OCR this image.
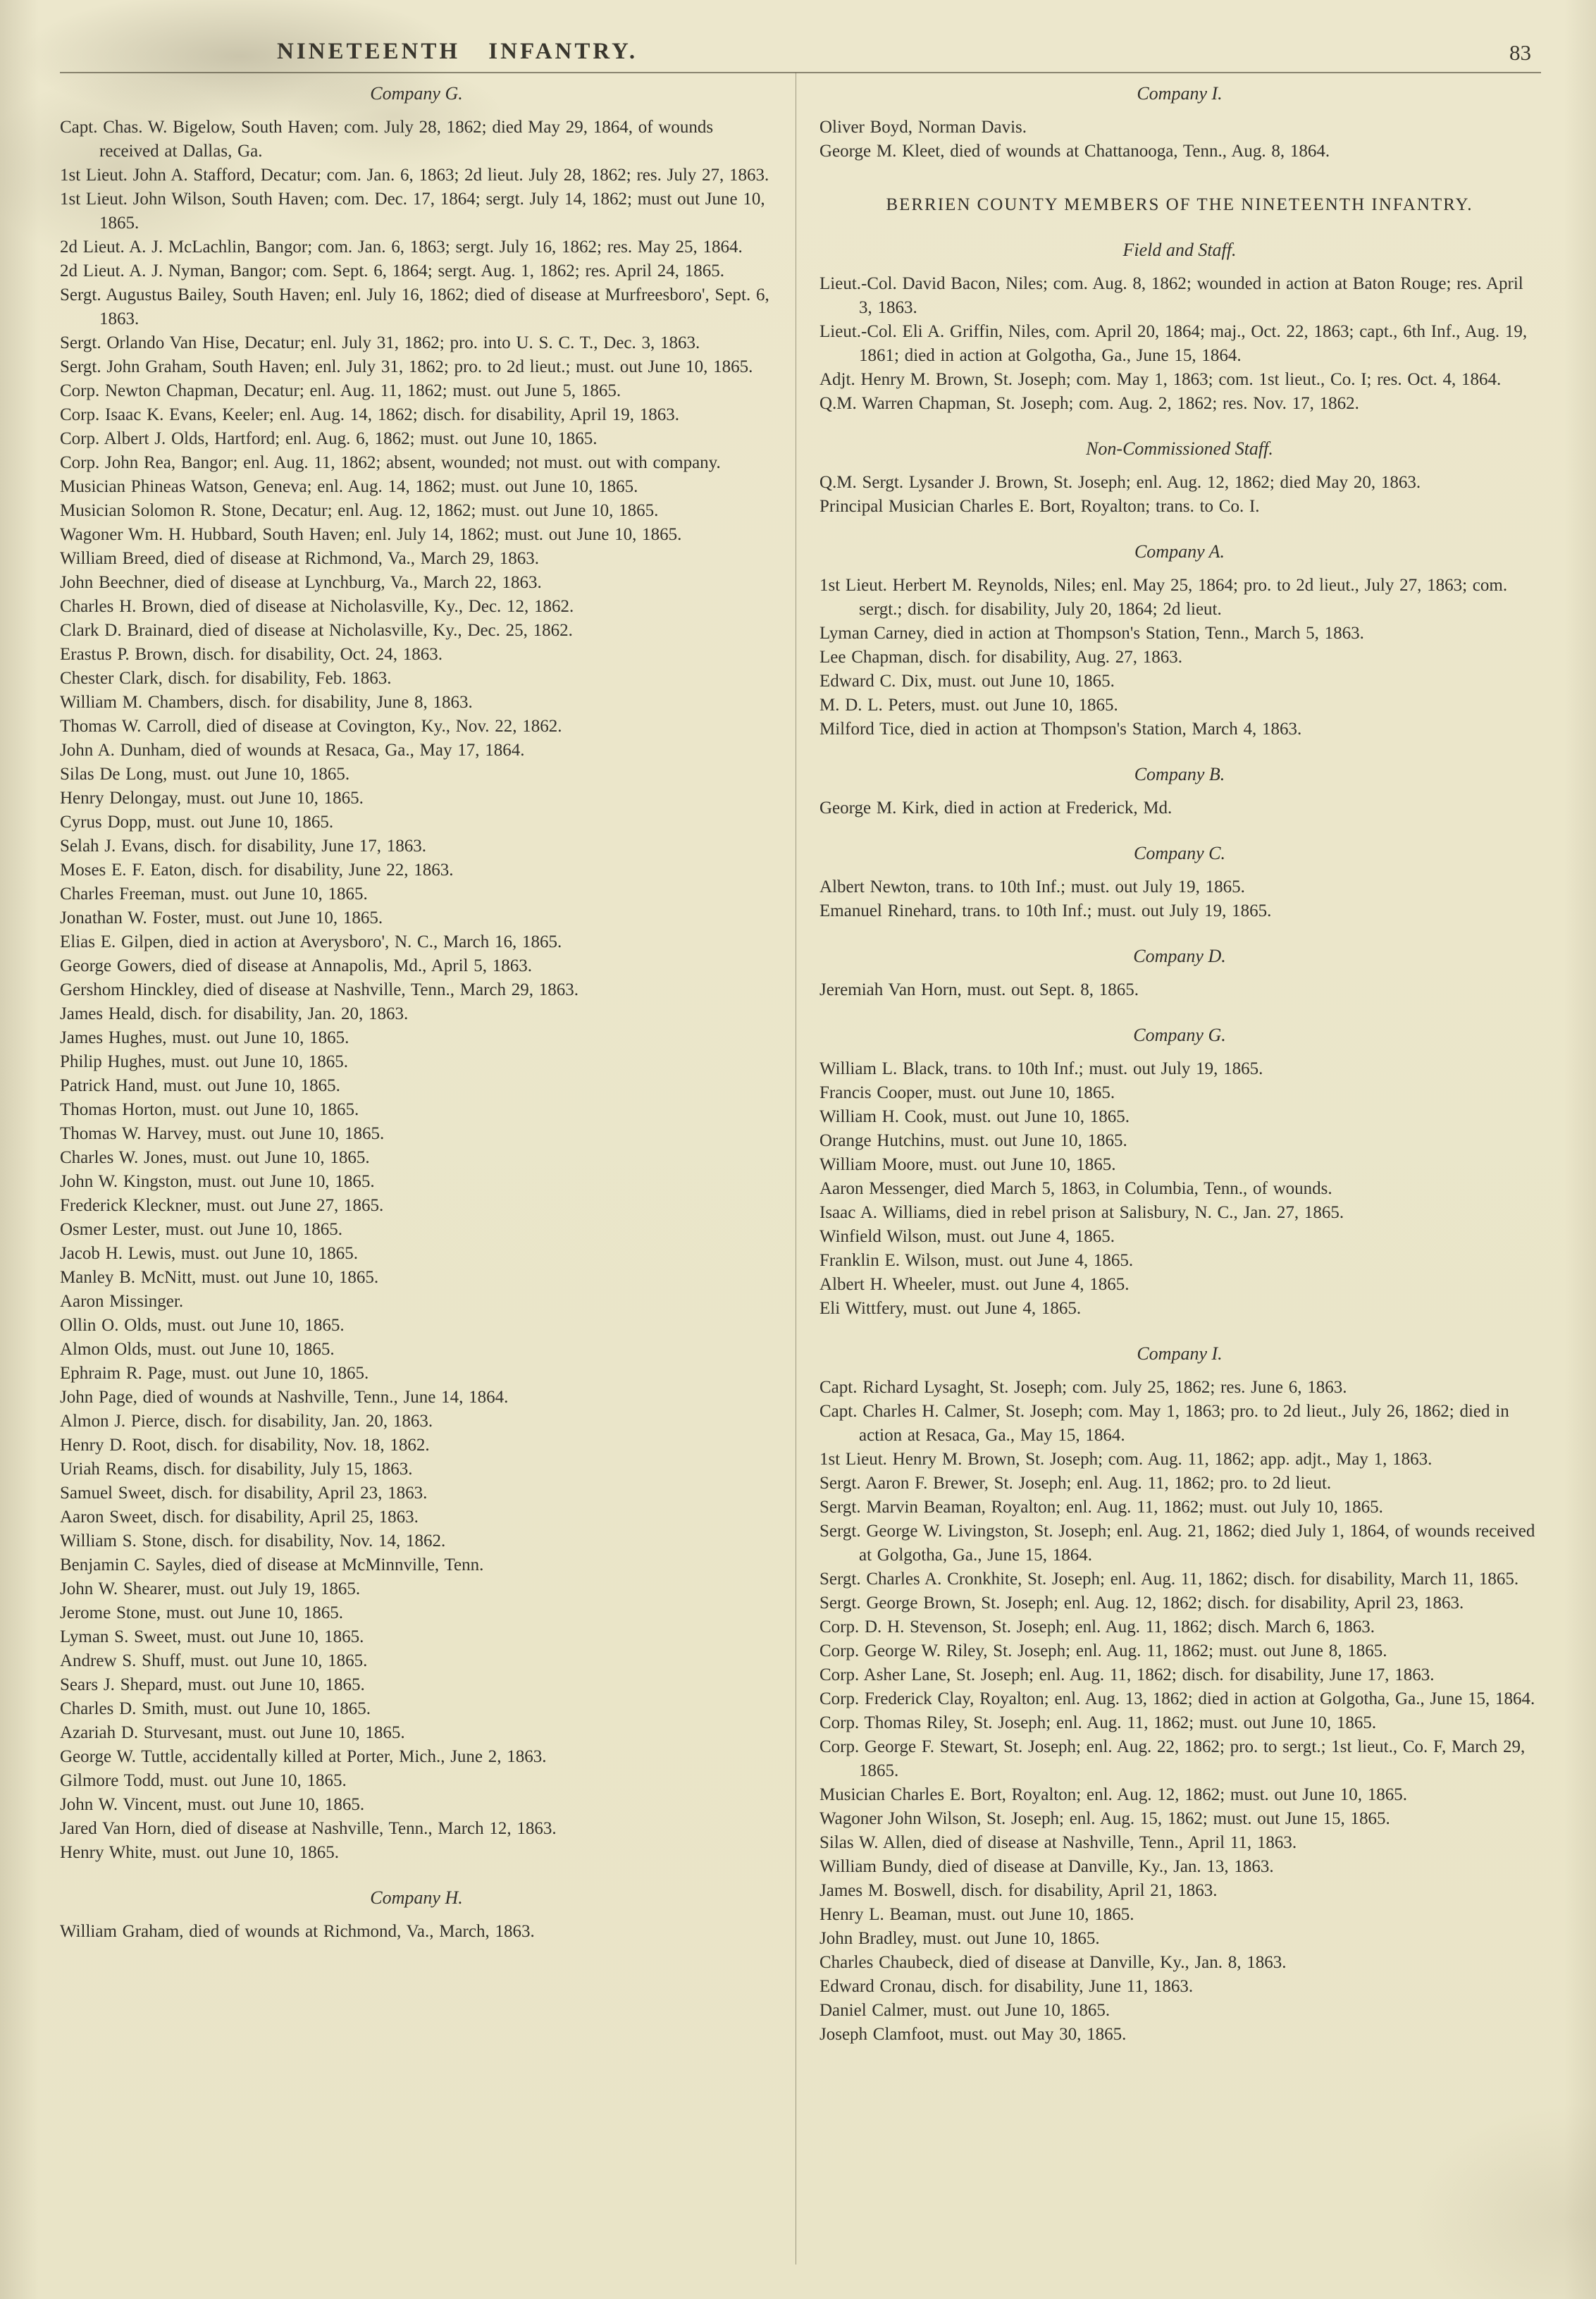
NINETEENTH INFANTRY.	83
Company G.

Capt. Chas. W. Bigelow, South Haven; com. July 28, 1862; died May 29, 1864, of wounds received at Dallas, Ga.

1st Lieut. John A. Stafford, Decatur; com. Jan. 6, 1863; 2d lieut. July 28, 1862; res. July 27, 1863.

1st Lieut. John Wilson, South Haven; com. Dec. 17, 1864; sergt. July 14, 1862; must out June 10, 1865.

2d Lieut. A. J. McLachlin, Bangor; com. Jan. 6, 1863; sergt. July 16, 1862; res. May 25, 1864.

2d Lieut. A. J. Nyman, Bangor; com. Sept. 6, 1864; sergt. Aug. 1, 1862; res. April 24, 1865.

Sergt. Augustus Bailey, South Haven; enl. July 16, 1862; died of disease at Murfreesboro', Sept. 6, 1863.

Sergt. Orlando Van Hise, Decatur; enl. July 31, 1862; pro. into U. S. C. T., Dec. 3, 1863.

Sergt. John Graham, South Haven; enl. July 31, 1862; pro. to 2d lieut.; must. out June 10, 1865.

Corp. Newton Chapman, Decatur; enl. Aug. 11, 1862; must. out June 5, 1865.

Corp. Isaac K. Evans, Keeler; enl. Aug. 14, 1862; disch. for disability, April 19, 1863.

Corp. Albert J. Olds, Hartford; enl. Aug. 6, 1862; must. out June 10, 1865.

Corp. John Rea, Bangor; enl. Aug. 11, 1862; absent, wounded; not must. out with company.

Musician Phineas Watson, Geneva; enl. Aug. 14, 1862; must. out June 10, 1865.

Musician Solomon R. Stone, Decatur; enl. Aug. 12, 1862; must. out June 10, 1865.

Wagoner Wm. H. Hubbard, South Haven; enl. July 14, 1862; must. out June 10, 1865.

William Breed, died of disease at Richmond, Va., March 29, 1863.

John Beechner, died of disease at Lynchburg, Va., March 22, 1863.

Charles H. Brown, died of disease at Nicholasville, Ky., Dec. 12, 1862.

Clark D. Brainard, died of disease at Nicholasville, Ky., Dec. 25, 1862.

Erastus P. Brown, disch. for disability, Oct. 24, 1863.

Chester Clark, disch. for disability, Feb. 1863.

William M. Chambers, disch. for disability, June 8, 1863.

Thomas W. Carroll, died of disease at Covington, Ky., Nov. 22, 1862.

John A. Dunham, died of wounds at Resaca, Ga., May 17, 1864.

Silas De Long, must. out June 10, 1865.

Henry Delongay, must. out June 10, 1865.

Cyrus Dopp, must. out June 10, 1865.

Selah J. Evans, disch. for disability, June 17, 1863.

Moses E. F. Eaton, disch. for disability, June 22, 1863.

Charles Freeman, must. out June 10, 1865.

Jonathan W. Foster, must. out June 10, 1865.

Elias E. Gilpen, died in action at Averysboro', N. C., March 16, 1865.

George Gowers, died of disease at Annapolis, Md., April 5, 1863.

Gershom Hinckley, died of disease at Nashville, Tenn., March 29, 1863.

James Heald, disch. for disability, Jan. 20, 1863.

James Hughes, must. out June 10, 1865.

Philip Hughes, must. out June 10, 1865.

Patrick Hand, must. out June 10, 1865.

Thomas Horton, must. out June 10, 1865.

Thomas W. Harvey, must. out June 10, 1865.

Charles W. Jones, must. out June 10, 1865.

John W. Kingston, must. out June 10, 1865.

Frederick Kleckner, must. out June 27, 1865.

Osmer Lester, must. out June 10, 1865.

Jacob H. Lewis, must. out June 10, 1865.

Manley B. McNitt, must. out June 10, 1865.

Aaron Missinger.

Ollin O. Olds, must. out June 10, 1865.

Almon Olds, must. out June 10, 1865.

Ephraim R. Page, must. out June 10, 1865.

John Page, died of wounds at Nashville, Tenn., June 14, 1864.

Almon J. Pierce, disch. for disability, Jan. 20, 1863.

Henry D. Root, disch. for disability, Nov. 18, 1862.

Uriah Reams, disch. for disability, July 15, 1863.

Samuel Sweet, disch. for disability, April 23, 1863.

Aaron Sweet, disch. for disability, April 25, 1863.

William S. Stone, disch. for disability, Nov. 14, 1862.

Benjamin C. Sayles, died of disease at McMinnville, Tenn.

John W. Shearer, must. out July 19, 1865.

Jerome Stone, must. out June 10, 1865.

Lyman S. Sweet, must. out June 10, 1865.

Andrew S. Shuff, must. out June 10, 1865.

Sears J. Shepard, must. out June 10, 1865.

Charles D. Smith, must. out June 10, 1865.

Azariah D. Sturvesant, must. out June 10, 1865.

George W. Tuttle, accidentally killed at Porter, Mich., June 2, 1863.

Gilmore Todd, must. out June 10, 1865.

John W. Vincent, must. out June 10, 1865.

Jared Van Horn, died of disease at Nashville, Tenn., March 12, 1863.

Henry White, must. out June 10, 1865.

Company H.

William Graham, died of wounds at Richmond, Va., March, 1863.

Company I.

Oliver Boyd, Norman Davis.

George M. Kleet, died of wounds at Chattanooga, Tenn., Aug. 8, 1864.

BERRIEN COUNTY MEMBERS OF THE NINETEENTH INFANTRY.
Field and Staff.

Lieut.-Col. David Bacon, Niles; com. Aug. 8, 1862; wounded in action at Baton Rouge; res. April 3, 1863.

Lieut.-Col. Eli A. Griffin, Niles, com. April 20, 1864; maj., Oct. 22, 1863; capt., 6th Inf., Aug. 19, 1861; died in action at Golgotha, Ga., June 15, 1864.

Adjt. Henry M. Brown, St. Joseph; com. May 1, 1863; com. 1st lieut., Co. I; res. Oct. 4, 1864.

Q.M. Warren Chapman, St. Joseph; com. Aug. 2, 1862; res. Nov. 17, 1862.

Non-Commissioned Staff.

Q.M. Sergt. Lysander J. Brown, St. Joseph; enl. Aug. 12, 1862; died May 20, 1863.

Principal Musician Charles E. Bort, Royalton; trans. to Co. I.

Company A.

1st Lieut. Herbert M. Reynolds, Niles; enl. May 25, 1864; pro. to 2d lieut., July 27, 1863; com. sergt.; disch. for disability, July 20, 1864; 2d lieut.

Lyman Carney, died in action at Thompson's Station, Tenn., March 5, 1863.

Lee Chapman, disch. for disability, Aug. 27, 1863.

Edward C. Dix, must. out June 10, 1865.

M. D. L. Peters, must. out June 10, 1865.

Milford Tice, died in action at Thompson's Station, March 4, 1863.

Company B.

George M. Kirk, died in action at Frederick, Md.

Company C.

Albert Newton, trans. to 10th Inf.; must. out July 19, 1865.

Emanuel Rinehard, trans. to 10th Inf.; must. out July 19, 1865.

Company D.

Jeremiah Van Horn, must. out Sept. 8, 1865.

Company G.

William L. Black, trans. to 10th Inf.; must. out July 19, 1865.

Francis Cooper, must. out June 10, 1865.

William H. Cook, must. out June 10, 1865.

Orange Hutchins, must. out June 10, 1865.

William Moore, must. out June 10, 1865.

Aaron Messenger, died March 5, 1863, in Columbia, Tenn., of wounds.

Isaac A. Williams, died in rebel prison at Salisbury, N. C., Jan. 27, 1865.

Winfield Wilson, must. out June 4, 1865.

Franklin E. Wilson, must. out June 4, 1865.

Albert H. Wheeler, must. out June 4, 1865.

Eli Wittfery, must. out June 4, 1865.

Company I.

Capt. Richard Lysaght, St. Joseph; com. July 25, 1862; res. June 6, 1863.

Capt. Charles H. Calmer, St. Joseph; com. May 1, 1863; pro. to 2d lieut., July 26, 1862; died in action at Resaca, Ga., May 15, 1864.

1st Lieut. Henry M. Brown, St. Joseph; com. Aug. 11, 1862; app. adjt., May 1, 1863.

Sergt. Aaron F. Brewer, St. Joseph; enl. Aug. 11, 1862; pro. to 2d lieut.

Sergt. Marvin Beaman, Royalton; enl. Aug. 11, 1862; must. out July 10, 1865.

Sergt. George W. Livingston, St. Joseph; enl. Aug. 21, 1862; died July 1, 1864, of wounds received at Golgotha, Ga., June 15, 1864.

Sergt. Charles A. Cronkhite, St. Joseph; enl. Aug. 11, 1862; disch. for disability, March 11, 1865.

Sergt. George Brown, St. Joseph; enl. Aug. 12, 1862; disch. for disability, April 23, 1863.

Corp. D. H. Stevenson, St. Joseph; enl. Aug. 11, 1862; disch. March 6, 1863.

Corp. George W. Riley, St. Joseph; enl. Aug. 11, 1862; must. out June 8, 1865.

Corp. Asher Lane, St. Joseph; enl. Aug. 11, 1862; disch. for disability, June 17, 1863.

Corp. Frederick Clay, Royalton; enl. Aug. 13, 1862; died in action at Golgotha, Ga., June 15, 1864.

Corp. Thomas Riley, St. Joseph; enl. Aug. 11, 1862; must. out June 10, 1865.

Corp. George F. Stewart, St. Joseph; enl. Aug. 22, 1862; pro. to sergt.; 1st lieut., Co. F, March 29, 1865.

Musician Charles E. Bort, Royalton; enl. Aug. 12, 1862; must. out June 10, 1865.

Wagoner John Wilson, St. Joseph; enl. Aug. 15, 1862; must. out June 15, 1865.

Silas W. Allen, died of disease at Nashville, Tenn., April 11, 1863.

William Bundy, died of disease at Danville, Ky., Jan. 13, 1863.

James M. Boswell, disch. for disability, April 21, 1863.

Henry L. Beaman, must. out June 10, 1865.

John Bradley, must. out June 10, 1865.

Charles Chaubeck, died of disease at Danville, Ky., Jan. 8, 1863.

Edward Cronau, disch. for disability, June 11, 1863.

Daniel Calmer, must. out June 10, 1865.

Joseph Clamfoot, must. out May 30, 1865.
